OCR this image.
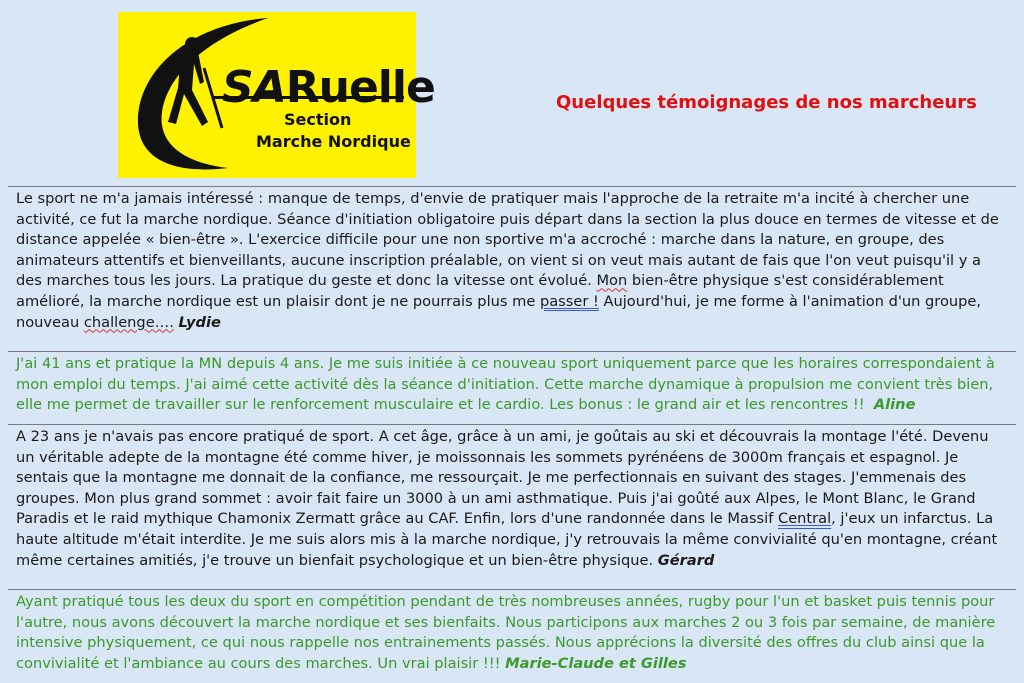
SARuelle
Section
Marche Nordique
Quelques témoignages de nos marcheurs
Le sport ne m'a jamais intéressé : manque de temps, d'envie de pratiquer mais l'approche de la retraite m'a incité à chercher une activité, ce fut la marche nordique. Séance d'initiation obligatoire puis départ dans la section la plus douce en termes de vitesse et de distance appelée « bien-être ». L'exercice difficile pour une non sportive m'a accroché : marche dans la nature, en groupe, des animateurs attentifs et bienveillants, aucune inscription préalable, on vient si on veut mais autant de fais que l'on veut puisqu'il y a des marches tous les jours. La pratique du geste et donc la vitesse ont évolué. Mon bien-être physique s'est considérablement amélioré, la marche nordique est un plaisir dont je ne pourrais plus me passer ! Aujourd'hui, je me forme à l'animation d'un groupe, nouveau challenge…. Lydie
J'ai 41 ans et pratique la MN depuis 4 ans. Je me suis initiée à ce nouveau sport uniquement parce que les horaires correspondaient à mon emploi du temps. J'ai aimé cette activité dès la séance d'initiation. Cette marche dynamique à propulsion me convient très bien, elle me permet de travailler sur le renforcement musculaire et le cardio. Les bonus : le grand air et les rencontres !! Aline
A 23 ans je n'avais pas encore pratiqué de sport. A cet âge, grâce à un ami, je goûtais au ski et découvrais la montage l'été. Devenu un véritable adepte de la montagne été comme hiver, je moissonnais les sommets pyrénéens de 3000m français et espagnol. Je sentais que la montagne me donnait de la confiance, me ressourçait. Je me perfectionnais en suivant des stages. J'emmenais des groupes. Mon plus grand sommet : avoir fait faire un 3000 à un ami asthmatique. Puis j'ai goûté aux Alpes, le Mont Blanc, le Grand Paradis et le raid mythique Chamonix Zermatt grâce au CAF. Enfin, lors d'une randonnée dans le Massif Central, j'eux un infarctus. La haute altitude m'était interdite. Je me suis alors mis à la marche nordique, j'y retrouvais la même convivialité qu'en montagne, créant même certaines amitiés, j'e trouve un bienfait psychologique et un bien-être physique. Gérard
Ayant pratiqué tous les deux du sport en compétition pendant de très nombreuses années, rugby pour l'un et basket puis tennis pour l'autre, nous avons découvert la marche nordique et ses bienfaits. Nous participons aux marches 2 ou 3 fois par semaine, de manière intensive physiquement, ce qui nous rappelle nos entrainements passés. Nous apprécions la diversité des offres du club ainsi que la convivialité et l'ambiance au cours des marches. Un vrai plaisir !!! Marie-Claude et Gilles
